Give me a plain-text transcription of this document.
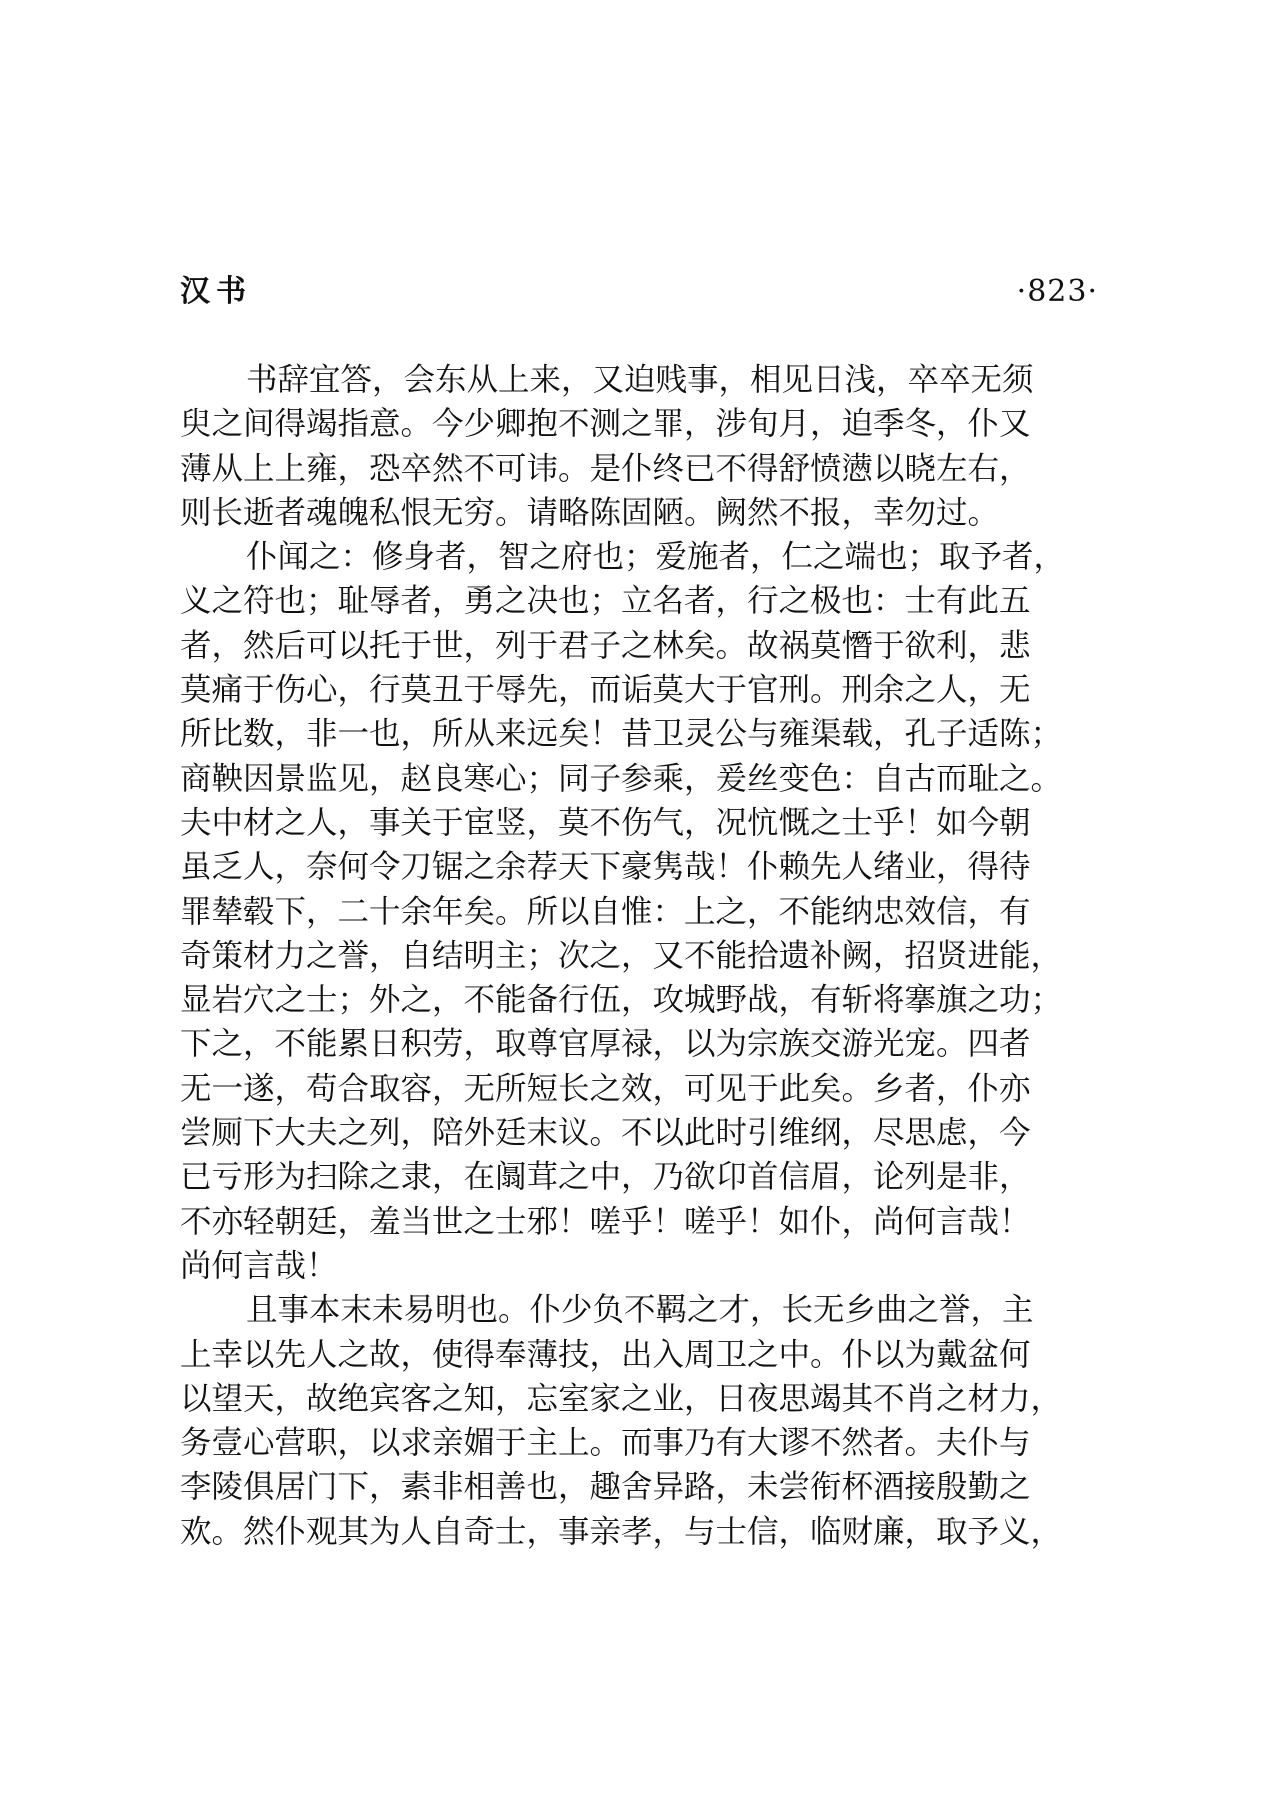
汉书	·823·
书辞宜答，会东从上来，又迫贱事，相见日浅，卒卒无须
臾之间得竭指意。今少卿抱不测之罪，涉旬月，迫季冬，仆又
薄从上上雍，恐卒然不可讳。是仆终已不得舒愤懑以晓左右，
则长逝者魂魄私恨无穷。请略陈固陋。阙然不报，幸勿过。
仆闻之：修身者，智之府也；爱施者，仁之端也；取予者，
义之符也；耻辱者，勇之决也；立名者，行之极也：士有此五
者，然后可以托于世，列于君子之林矣。故祸莫憯于欲利，悲
莫痛于伤心，行莫丑于辱先，而诟莫大于官刑。刑余之人，无
所比数，非一也，所从来远矣！昔卫灵公与雍渠载，孔子适陈；
商鞅因景监见，赵良寒心；同子参乘，爰丝变色：自古而耻之。
夫中材之人，事关于宦竖，莫不伤气，况忼慨之士乎！如今朝
虽乏人，奈何令刀锯之余荐天下豪隽哉！仆赖先人绪业，得待
罪辇毂下，二十余年矣。所以自惟：上之，不能纳忠效信，有
奇策材力之誉，自结明主；次之，又不能拾遗补阙，招贤进能，
显岩穴之士；外之，不能备行伍，攻城野战，有斩将搴旗之功；
下之，不能累日积劳，取尊官厚禄，以为宗族交游光宠。四者
无一遂，苟合取容，无所短长之效，可见于此矣。乡者，仆亦
尝厕下大夫之列，陪外廷末议。不以此时引维纲，尽思虑，今
已亏形为扫除之隶，在阘茸之中，乃欲卬首信眉，论列是非，
不亦轻朝廷，羞当世之士邪！嗟乎！嗟乎！如仆，尚何言哉！
尚何言哉！
且事本末未易明也。仆少负不羁之才，长无乡曲之誉，主
上幸以先人之故，使得奉薄技，出入周卫之中。仆以为戴盆何
以望天，故绝宾客之知，忘室家之业，日夜思竭其不肖之材力，
务壹心营职，以求亲媚于主上。而事乃有大谬不然者。夫仆与
李陵俱居门下，素非相善也，趣舍异路，未尝衔杯酒接殷勤之
欢。然仆观其为人自奇士，事亲孝，与士信，临财廉，取予义，
